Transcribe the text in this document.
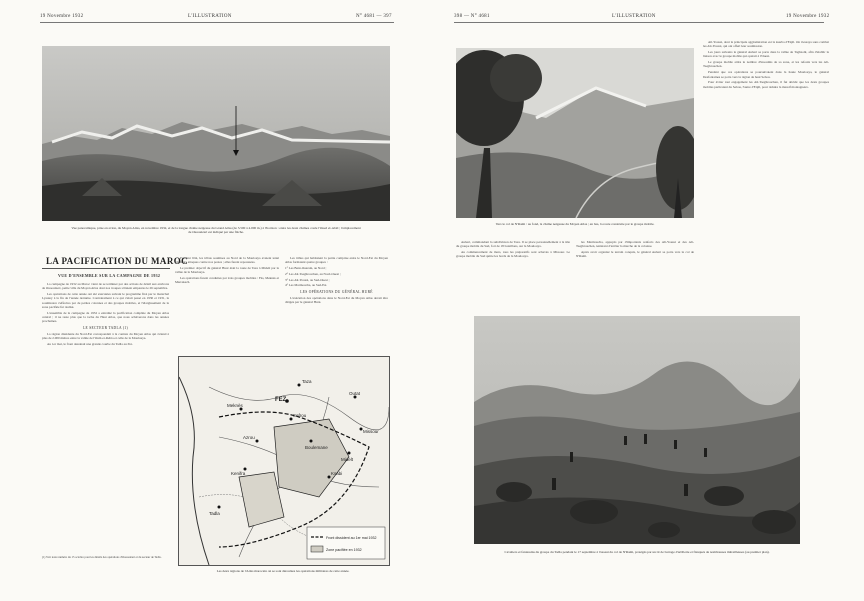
19 Novembre 1932	L'ILLUSTRATION	N° 4681 — 397
Vue panoramique, prise en avion, du Moyen Atlas, en novembre 1932, et de la longue chaîne neigeuse du Grand Atlas (de 3.500 à 4.000 m.) à l'horizon : entre les deux chaînes coule l'Oued el-Abid ; l'emplacement de Ouaouizert est indiqué par une flèche.
LA PACIFICATION DU MAROC
VUE D'ENSEMBLE SUR LA CAMPAGNE DE 1932

La campagne de 1932 au Maroc vient de se terminer par des actions de détail aux environs de Ouaouizert, petite ville du Moyen Atlas dont nos troupes s'étaient emparées le 26 septembre.

Les opérations de cette année ont été exécutées suivant le programme fixé par le maréchal Lyautey à la fin de l'année dernière. Contrairement à ce qui s'était passé en 1930 et 1931, la soumission s'effectua par de petites colonnes et des groupes mobiles, et l'élargissement de la zone pacifiée fut réalisé.

L'ensemble de la campagne de 1932 a entraîné la pacification complète du Moyen Atlas central ; il ne reste plus que la tache du Haut Atlas, que nous achèverons dans les années prochaines.

LE SECTEUR TADLA (1)

La région dissidente du Nord-Est correspondait à la contrée du Moyen Atlas qui s'étend à plus de 2.000 mètres entre la vallée de l'Oum er-Rebia et celle de la Moulouya.

Au 1er mai, le front dessinait une grande courbe du Tadla au Ziz.

(1) Voir notre numéro du 15 octobre pour les détails des opérations d'Ouaouizert et du secteur de Tadla.

Pendant l'été, les tribus soumises au Nord de la Moulouya avaient tenté plusieurs attaques contre nos postes ; elles furent repoussées.

Le premier objectif du général Huré était la route de Taza à Midelt par la vallée de la Moulouya.

Les opérations furent conduites par trois groupes mobiles : Fès, Meknès et Marrakech.

Les tribus qui habitaient la partie comprise entre le Nord-Est du Moyen Atlas formaient quatre groupes :

1° Les Beni-Ouarain, au Nord ;

2° Les Aït-Tseghrouchen, au Nord-Ouest ;

3° Les Aït-Youssi, au Sud-Ouest ;

4° Les Marmoucha, au Sud-Est.

LES OPÉRATIONS DU GÉNÉRAL HURÉ

L'exécution des opérations dans le Nord-Est du Moyen Atlas devait être dirigée par le général Huré.

Taza
FEZ
Meknès
Midelt
Ksabi
Azrou
Sefrou
Outat
Missour
Boulemane
Tadla
Kenifra
Front dissident au 1er mai 1932
Zone pacifiée en 1932
Les deux régions de l'Atlas marocain où se sont déroulées les opérations militaires de cette année.
398 — N° 4681	L'ILLUSTRATION	19 Novembre 1932
Vers le col de N'Rami : au fond, la chaîne neigeuse du Moyen Atlas ; en bas, la route construite par le groupe mobile.

Aït-Youssi, dont la principale agglomération est la ksarba d'Enjil. On n'essaya sans combat les Aït-Youssi, qui ont offert leur soumission.

Les jours suivants le général Aubert se porta dans la vallée de Taghzoût, afin d'établir la liaison avec le groupe mobile qui opérait à l'Ouest.

Le groupe mobile attira le nombre d'insoumis de sa zone, et les refoula vers les Aït-Tseghrouchen.

Pendant que ces opérations se poursuivaient dans la haute Moulouya, le général Desfontaines se porta vers la région de haut Sebou.

Pour éviter tout engagement les Aït-Tseghrouchen, il fut décidé que les deux groupes mobiles partiraient du Sebou, l'autre d'Enjil, pour réduire la massif montagneux.

Aubert, commandant la subdivision de Taza. Il se place personnellement à la tête du groupe mobile du Sud, fort de 18 bataillons, sur la Moulouya.

Au commencement de mars, tous les préparatifs sont achevés à Missour. Le groupe mobile du Sud quitte les bords de la Moulouya.

les Marmoucha, appuyés par d'importants renforts des Aït-Youssi et des Aït-Tseghrouchen, tentèrent d'arrêter la marche de la colonne.

Après avoir organisé le terrain conquis, le général Aubert se porta vers le col de N'Rami.

Cavaliers et fantassins du groupe du Tadla pendant le 17 septembre à l'assaut du col de N'Rami, protégés par un tir de barrage d'artillerie et flanqués de nombreuses mitrailleuses (au premier plan).
